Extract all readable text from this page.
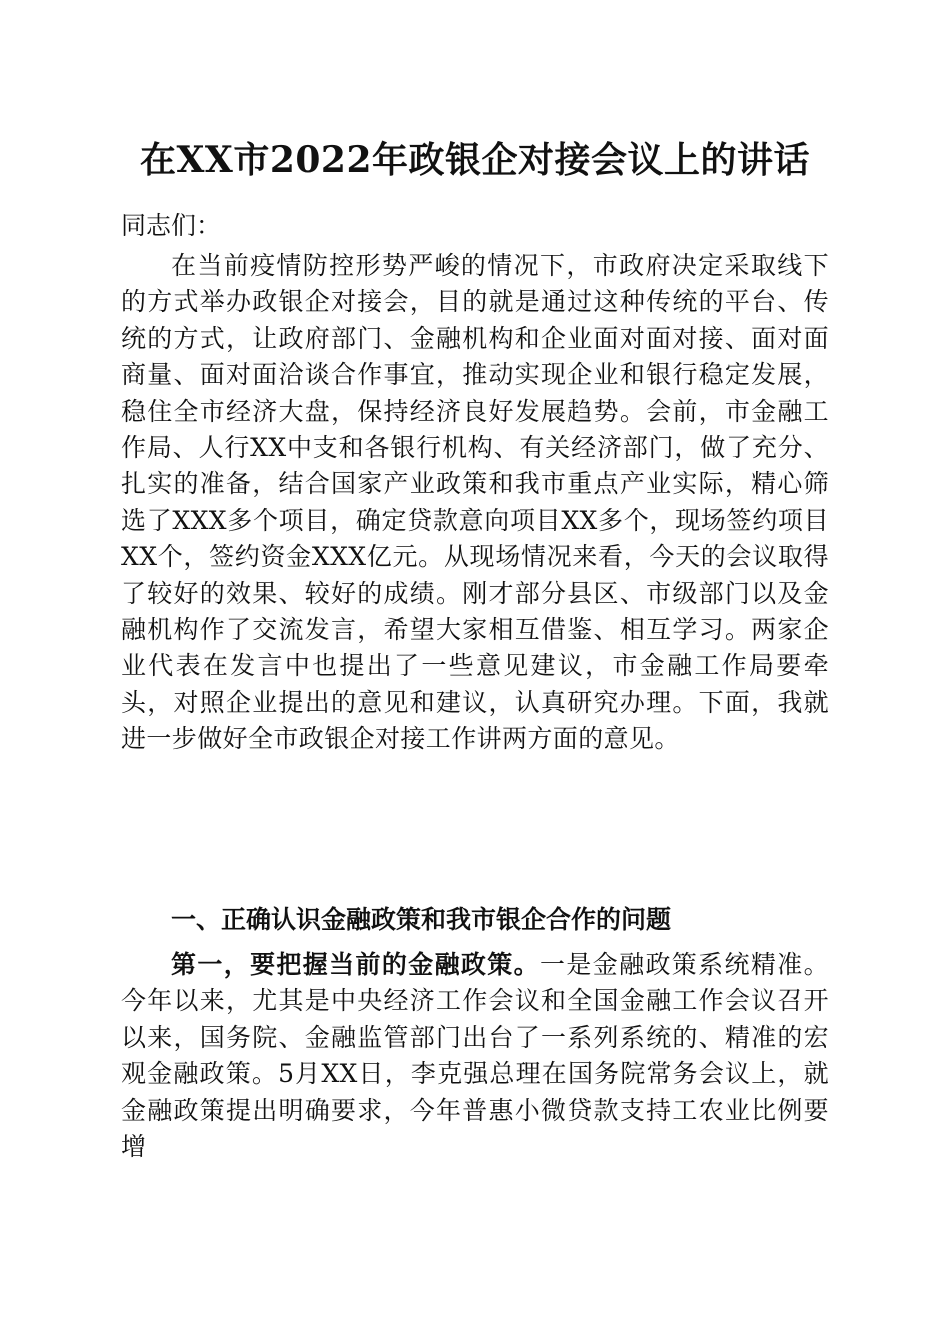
在XX市2022年政银企对接会议上的讲话

同志们：

在当前疫情防控形势严峻的情况下，市政府决定采取线下的方式举办政银企对接会，目的就是通过这种传统的平台、传统的方式，让政府部门、金融机构和企业面对面对接、面对面商量、面对面洽谈合作事宜，推动实现企业和银行稳定发展，稳住全市经济大盘，保持经济良好发展趋势。会前，市金融工作局、人行XX中支和各银行机构、有关经济部门，做了充分、扎实的准备，结合国家产业政策和我市重点产业实际，精心筛选了XXX多个项目，确定贷款意向项目XX多个，现场签约项目XX个，签约资金XXX亿元。从现场情况来看，今天的会议取得了较好的效果、较好的成绩。刚才部分县区、市级部门以及金融机构作了交流发言，希望大家相互借鉴、相互学习。两家企业代表在发言中也提出了一些意见建议，市金融工作局要牵头，对照企业提出的意见和建议，认真研究办理。下面，我就进一步做好全市政银企对接工作讲两方面的意见。

一、正确认识金融政策和我市银企合作的问题

第一，要把握当前的金融政策。一是金融政策系统精准。今年以来，尤其是中央经济工作会议和全国金融工作会议召开以来，国务院、金融监管部门出台了一系列系统的、精准的宏观金融政策。5月XX日，李克强总理在国务院常务会议上，就金融政策提出明确要求，今年普惠小微贷款支持工农业比例要增
